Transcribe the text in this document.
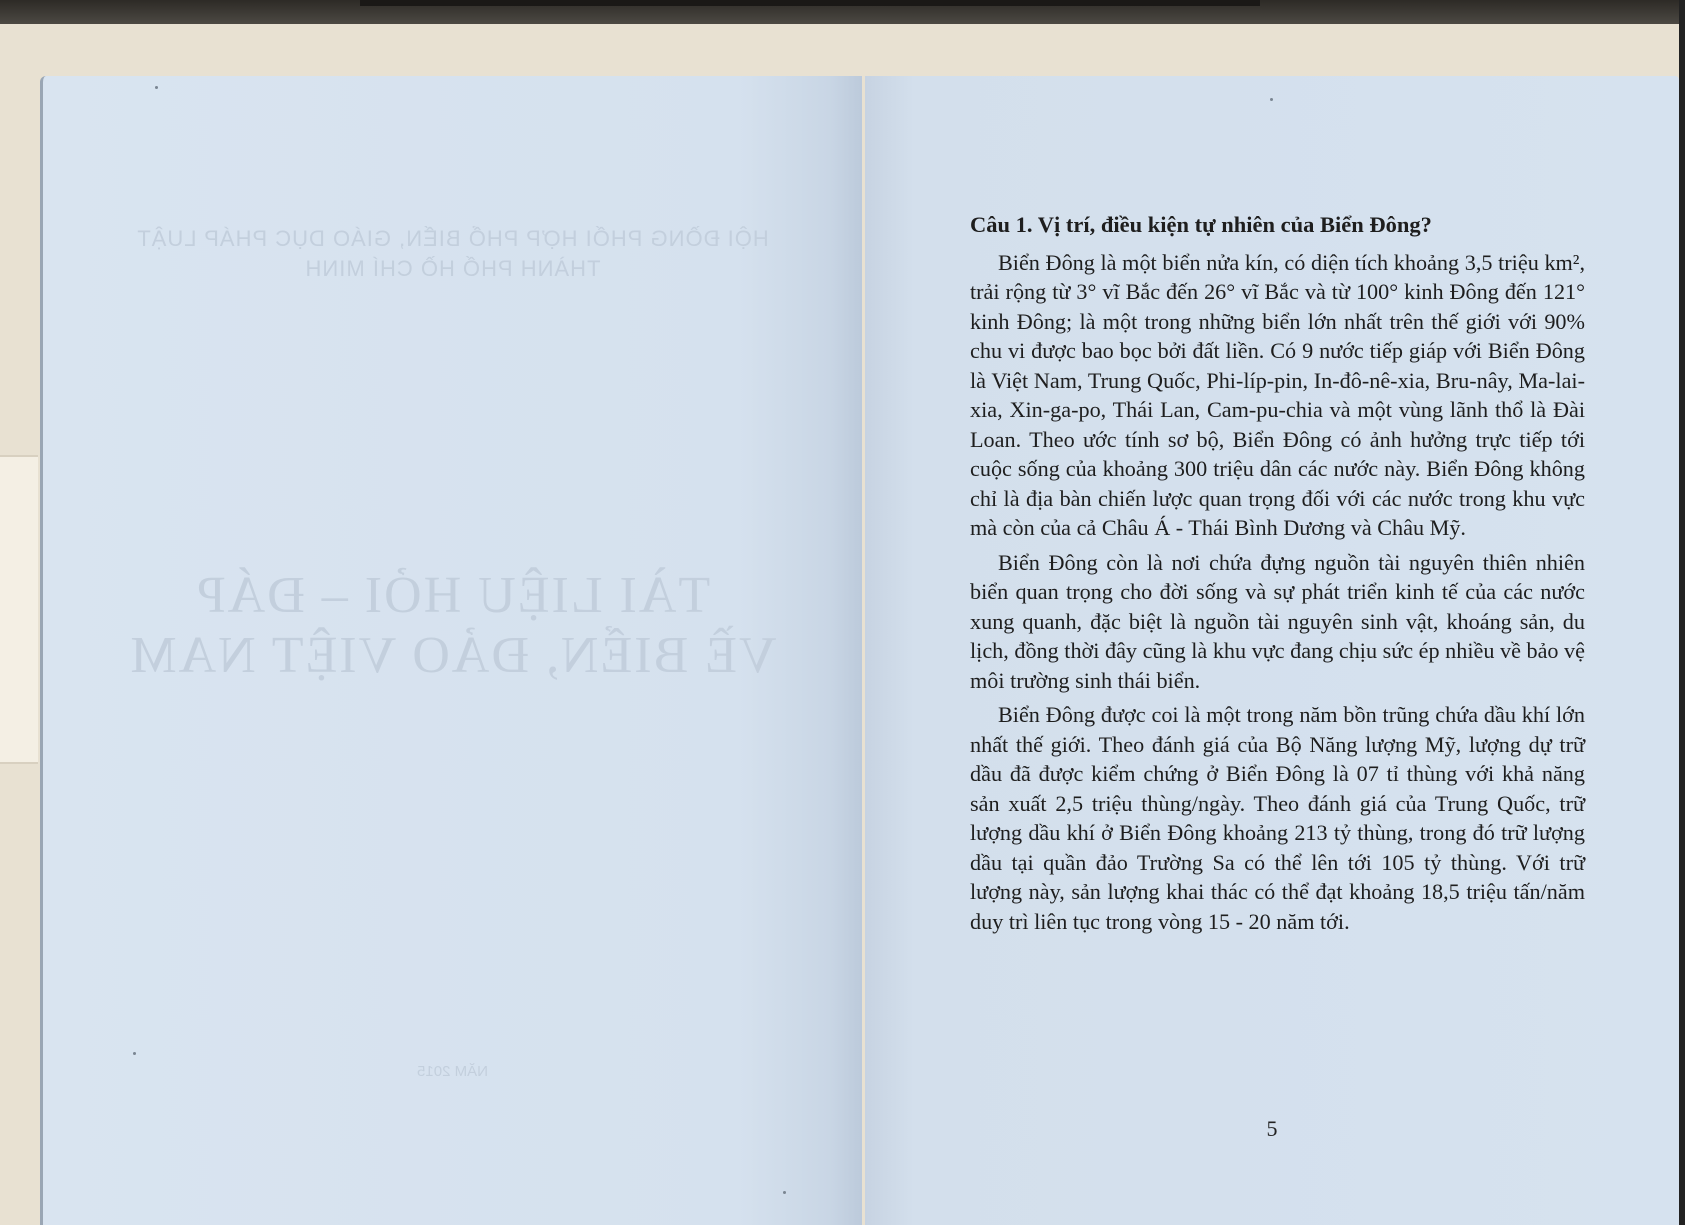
HỘI ĐỒNG PHỐI HỢP PHỔ BIẾN, GIÁO DỤC PHÁP LUẬT
THÀNH PHỐ HỒ CHÍ MINH
TÀI LIỆU HỎI – ĐÁP
VỀ BIỂN, ĐẢO VIỆT NAM
NĂM 2015

Câu 1. Vị trí, điều kiện tự nhiên của Biển Đông?

Biển Đông là một biển nửa kín, có diện tích khoảng 3,5 triệu km², trải rộng từ 3° vĩ Bắc đến 26° vĩ Bắc và từ 100° kinh Đông đến 121° kinh Đông; là một trong những biển lớn nhất trên thế giới với 90% chu vi được bao bọc bởi đất liền. Có 9 nước tiếp giáp với Biển Đông là Việt Nam, Trung Quốc, Phi-líp-pin, In-đô-nê-xia, Bru-nây, Ma-lai-xia, Xin-ga-po, Thái Lan, Cam-pu-chia và một vùng lãnh thổ là Đài Loan. Theo ước tính sơ bộ, Biển Đông có ảnh hưởng trực tiếp tới cuộc sống của khoảng 300 triệu dân các nước này. Biển Đông không chỉ là địa bàn chiến lược quan trọng đối với các nước trong khu vực mà còn của cả Châu Á - Thái Bình Dương và Châu Mỹ.

Biển Đông còn là nơi chứa đựng nguồn tài nguyên thiên nhiên biển quan trọng cho đời sống và sự phát triển kinh tế của các nước xung quanh, đặc biệt là nguồn tài nguyên sinh vật, khoáng sản, du lịch, đồng thời đây cũng là khu vực đang chịu sức ép nhiều về bảo vệ môi trường sinh thái biển.

Biển Đông được coi là một trong năm bồn trũng chứa dầu khí lớn nhất thế giới. Theo đánh giá của Bộ Năng lượng Mỹ, lượng dự trữ dầu đã được kiểm chứng ở Biển Đông là 07 tỉ thùng với khả năng sản xuất 2,5 triệu thùng/ngày. Theo đánh giá của Trung Quốc, trữ lượng dầu khí ở Biển Đông khoảng 213 tỷ thùng, trong đó trữ lượng dầu tại quần đảo Trường Sa có thể lên tới 105 tỷ thùng. Với trữ lượng này, sản lượng khai thác có thể đạt khoảng 18,5 triệu tấn/năm duy trì liên tục trong vòng 15 - 20 năm tới.

5
